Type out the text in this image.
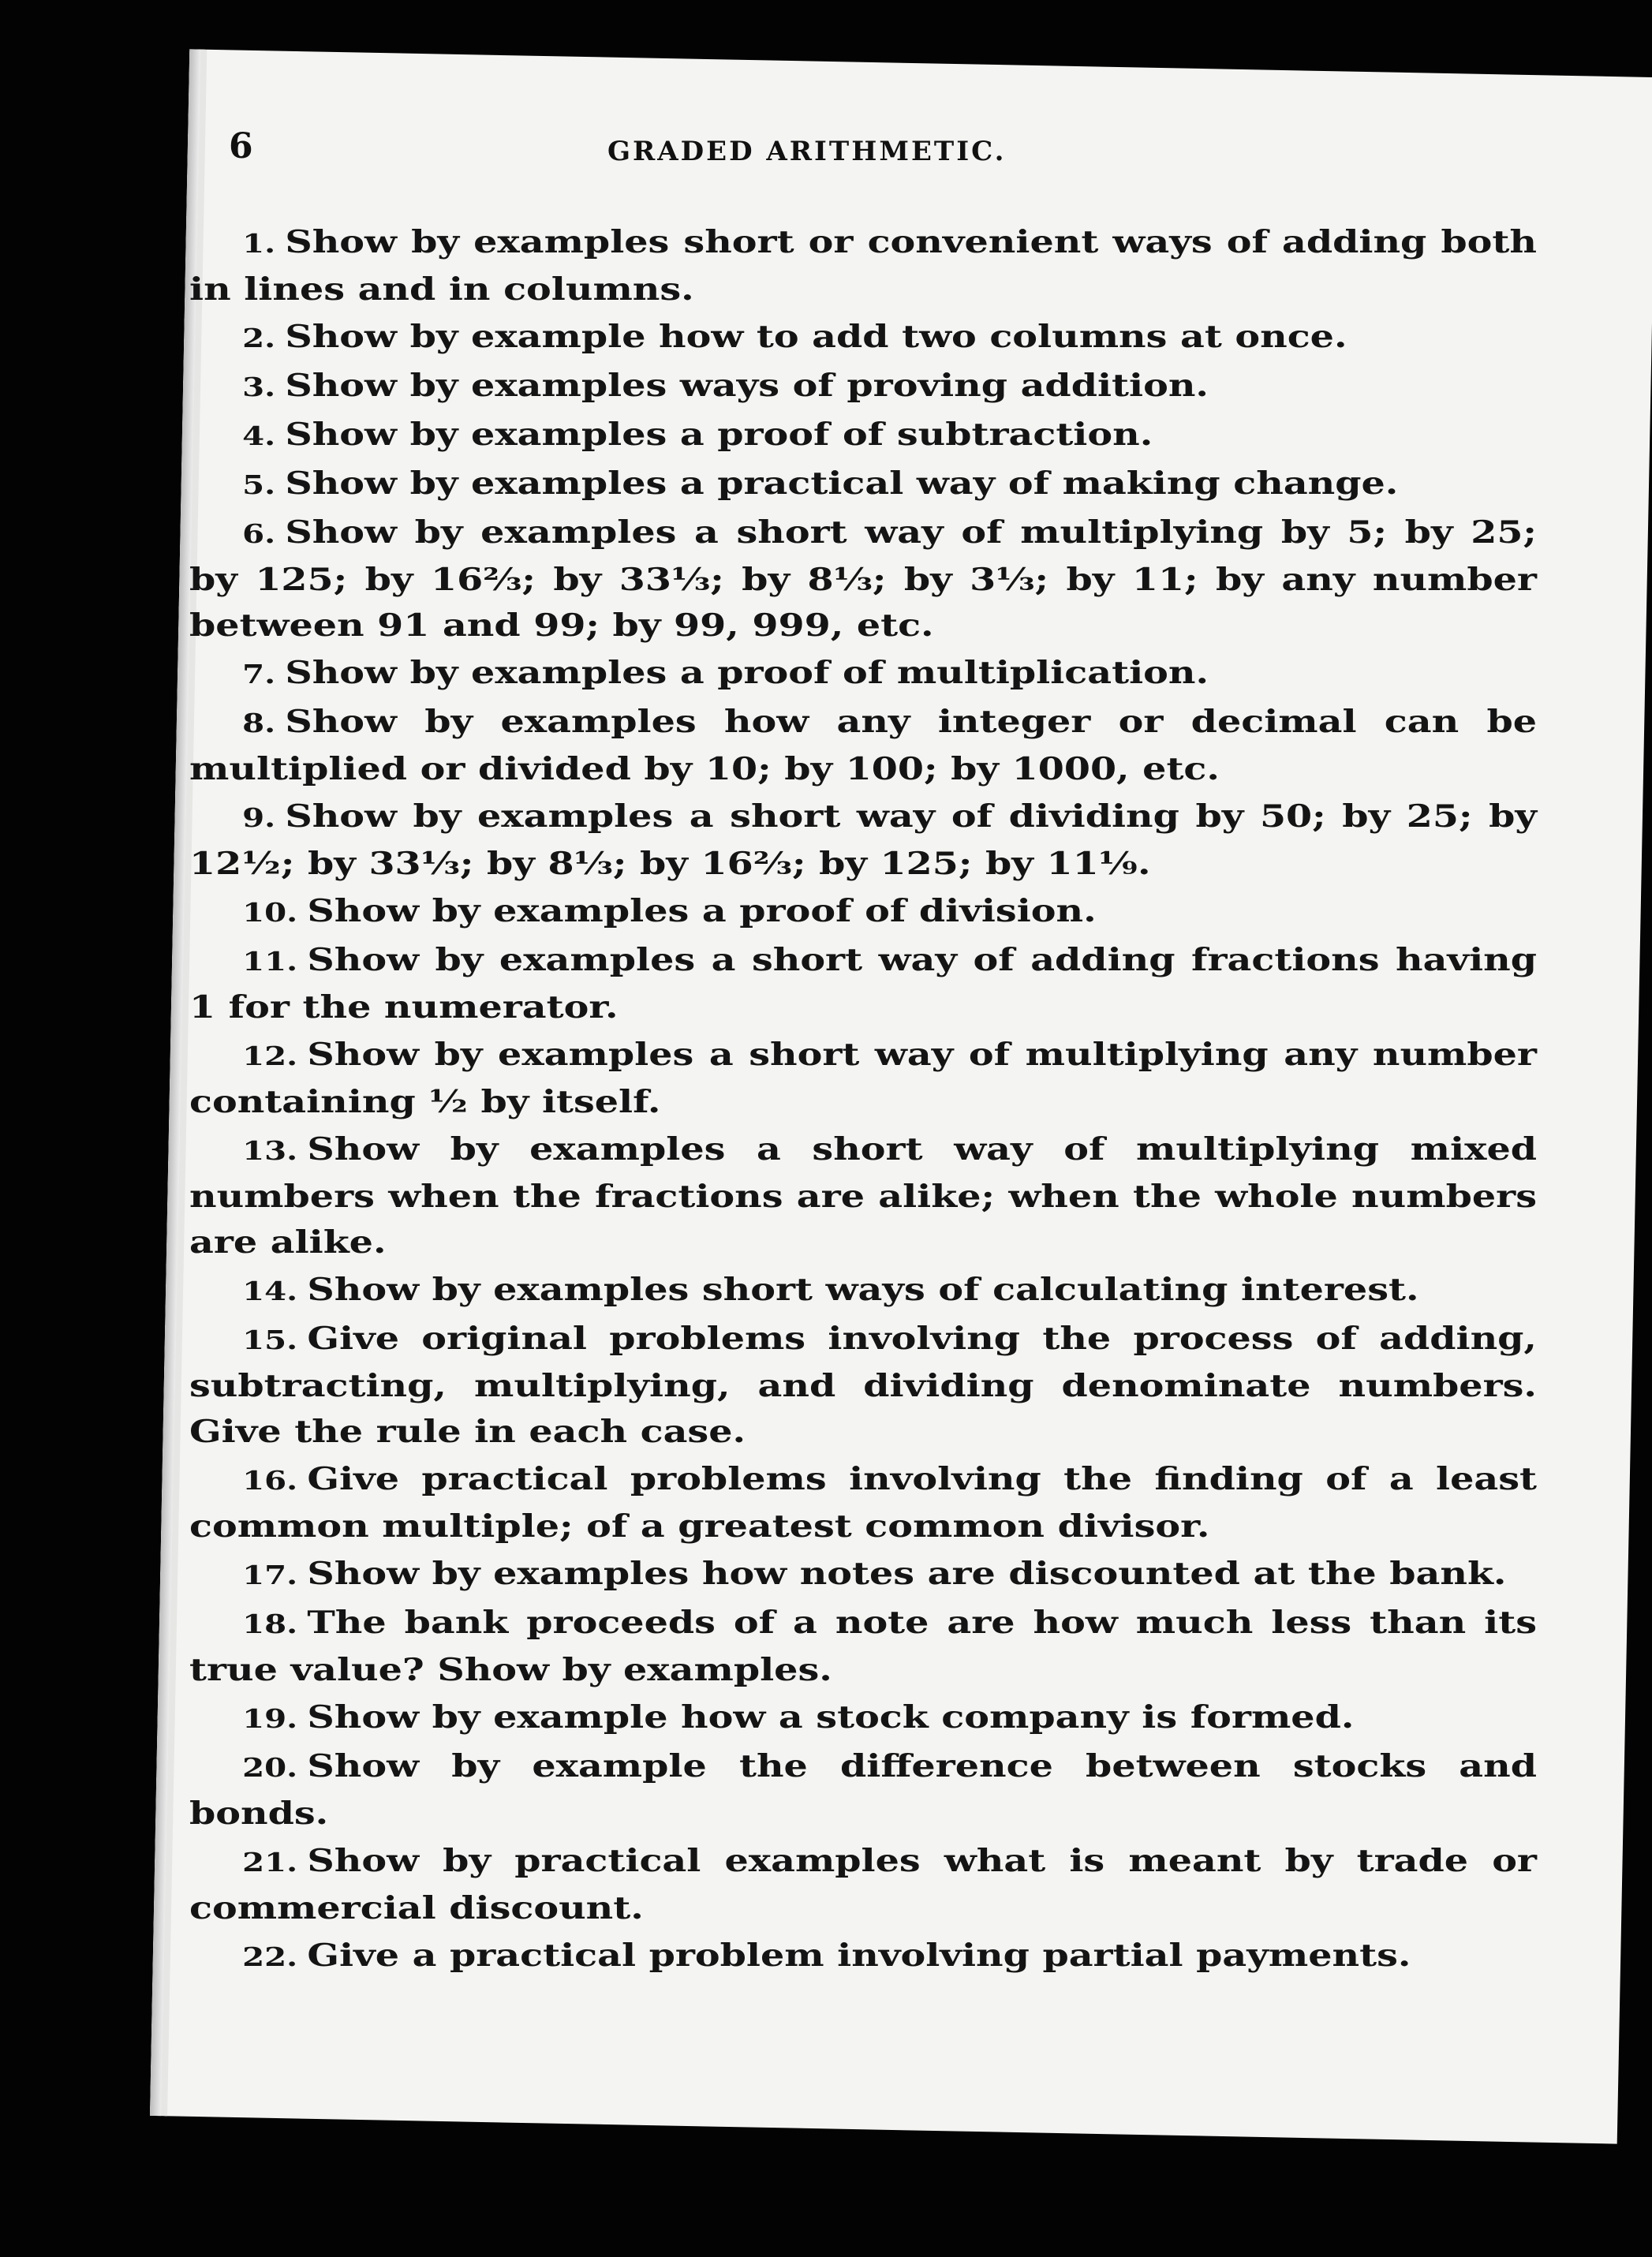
6	GRADED ARITHMETIC.
1 . Show by examples short or convenient ways of adding both in lines and in columns.
2 . Show by example how to add two columns at once.
3 . Show by examples ways of proving addition.
4 . Show by examples a proof of subtraction.
5 . Show by examples a practical way of making change.
6 . Show by examples a short way of multiplying by 5; by 25; by 125; by 16⅔; by 33⅓; by 8⅓; by 3⅓; by 11; by any number between 91 and 99; by 99, 999, etc.
7 . Show by examples a proof of multiplication.
8 . Show by examples how any integer or decimal can be multiplied or divided by 10; by 100; by 1000, etc.
9 . Show by examples a short way of dividing by 50; by 25; by 12½; by 33⅓; by 8⅓; by 16⅔; by 125; by 11⅑.
10 . Show by examples a proof of division.
11 . Show by examples a short way of adding fractions having 1 for the numerator.
12 . Show by examples a short way of multiplying any number containing ½ by itself.
13 . Show by examples a short way of multiplying mixed numbers when the fractions are alike; when the whole numbers are alike.
14 . Show by examples short ways of calculating interest.
15 . Give original problems involving the process of adding, subtracting, multiplying, and dividing denominate numbers. Give the rule in each case.
16 . Give practical problems involving the finding of a least common multiple; of a greatest common divisor.
17 . Show by examples how notes are discounted at the bank.
18 . The bank proceeds of a note are how much less than its true value? Show by examples.
19 . Show by example how a stock company is formed.
20 . Show by example the difference between stocks and bonds.
21 . Show by practical examples what is meant by trade or commercial discount.
22 . Give a practical problem involving partial payments.
